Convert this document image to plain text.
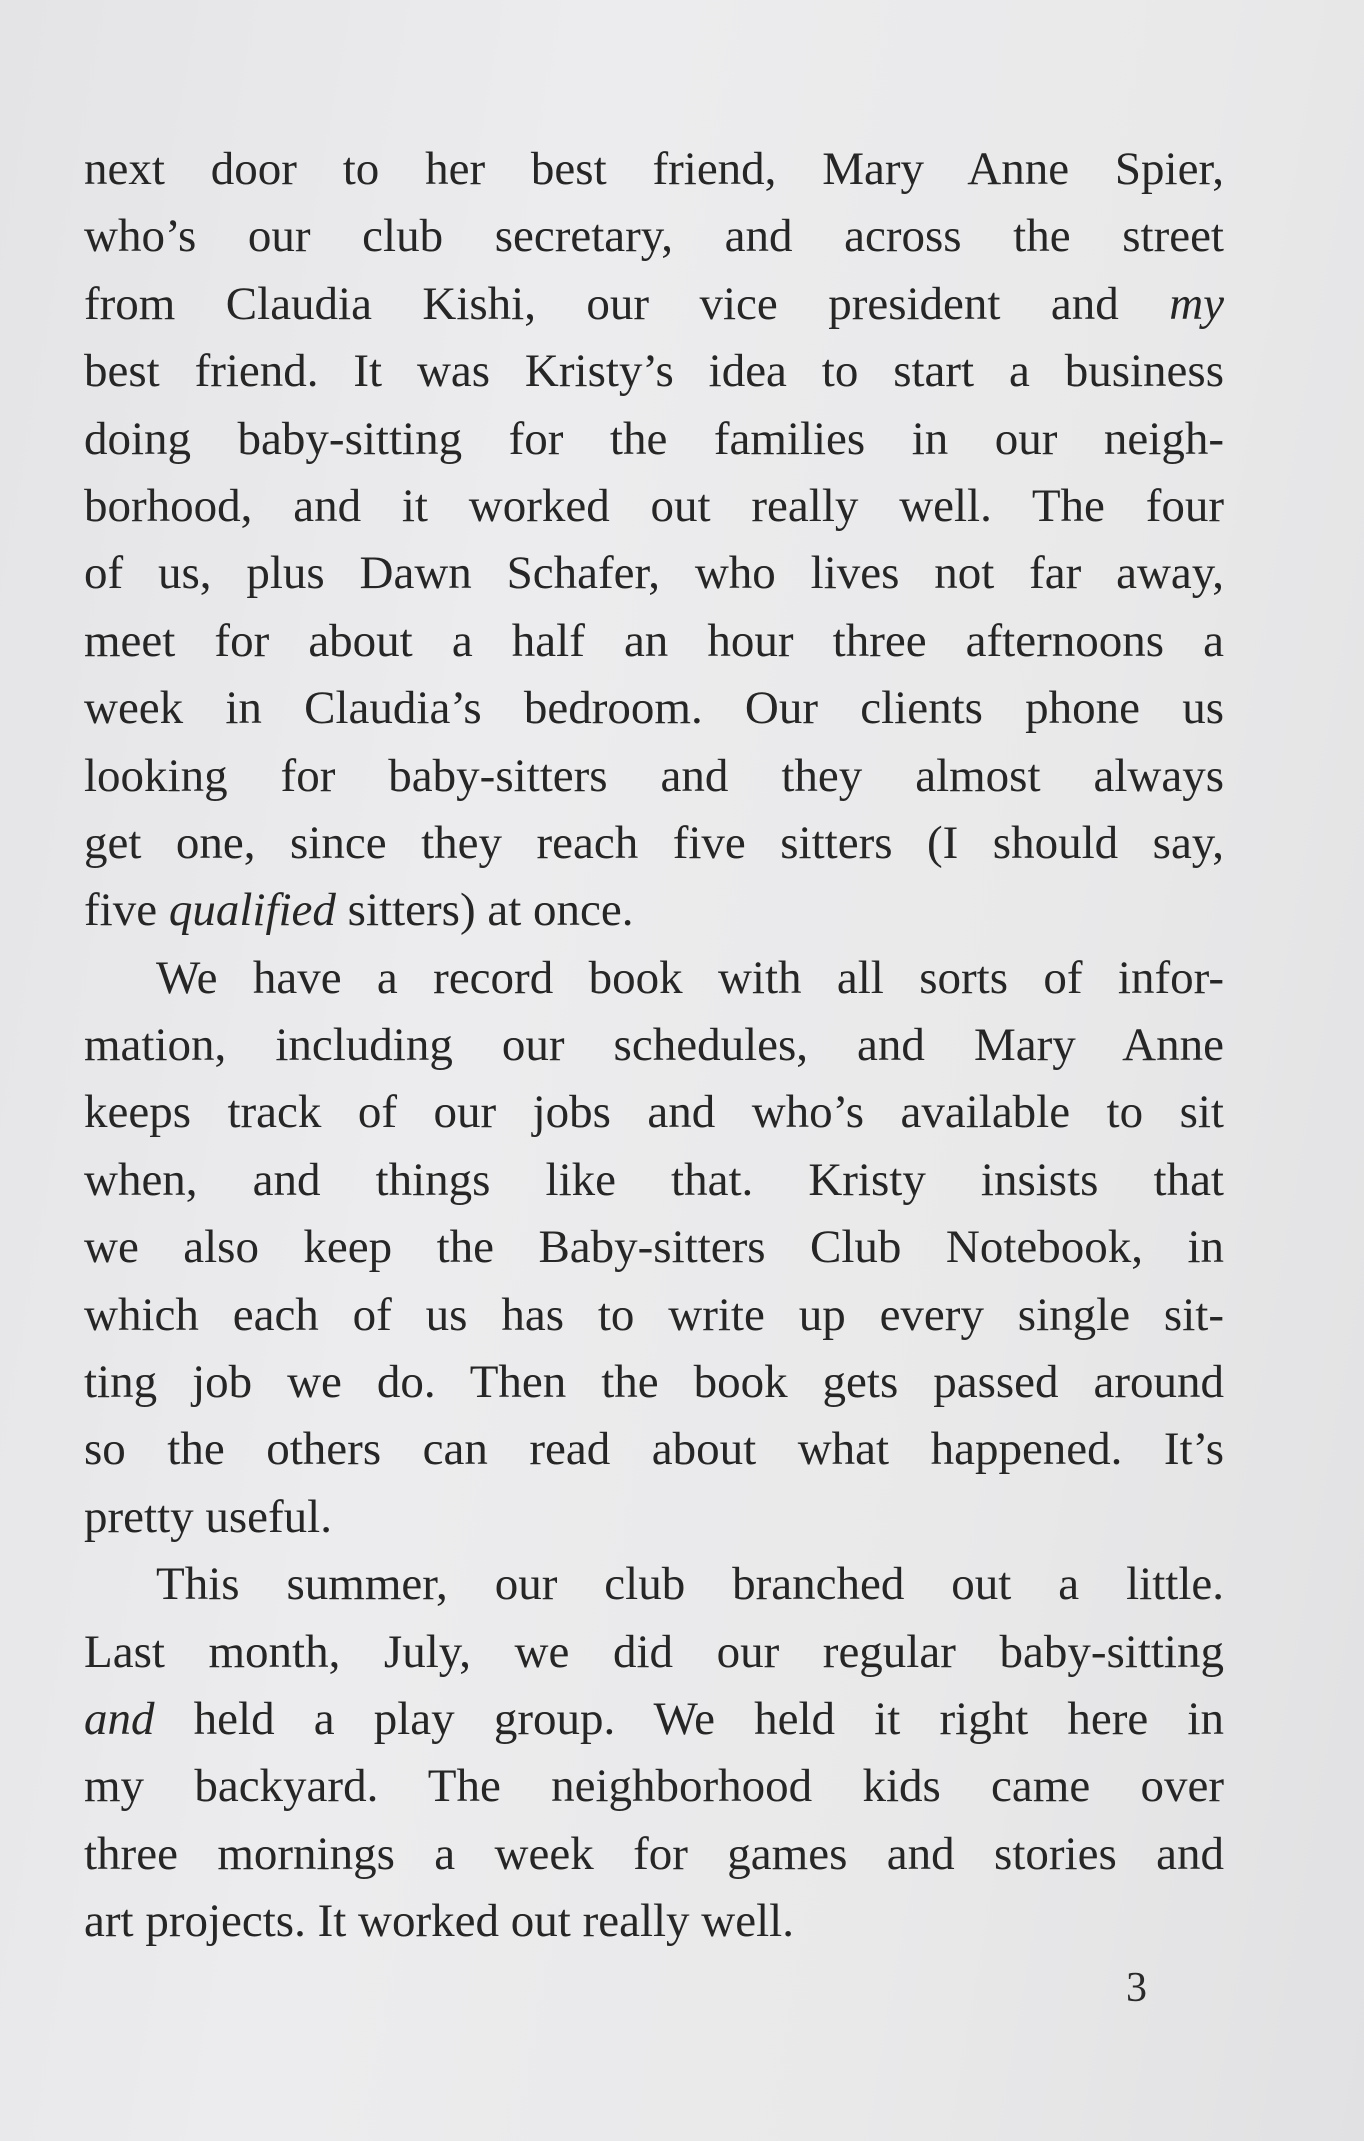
next door to her best friend, Mary Anne Spier,
who’s our club secretary, and across the street
from Claudia Kishi, our vice president and my
best friend. It was Kristy’s idea to start a business
doing baby-sitting for the families in our neigh-
borhood, and it worked out really well. The four
of us, plus Dawn Schafer, who lives not far away,
meet for about a half an hour three afternoons a
week in Claudia’s bedroom. Our clients phone us
looking for baby-sitters and they almost always
get one, since they reach five sitters (I should say,
five qualified sitters) at once.
We have a record book with all sorts of infor-
mation, including our schedules, and Mary Anne
keeps track of our jobs and who’s available to sit
when, and things like that. Kristy insists that
we also keep the Baby-sitters Club Notebook, in
which each of us has to write up every single sit-
ting job we do. Then the book gets passed around
so the others can read about what happened. It’s
pretty useful.
This summer, our club branched out a little.
Last month, July, we did our regular baby-sitting
and held a play group. We held it right here in
my backyard. The neighborhood kids came over
three mornings a week for games and stories and
art projects. It worked out really well.
3
